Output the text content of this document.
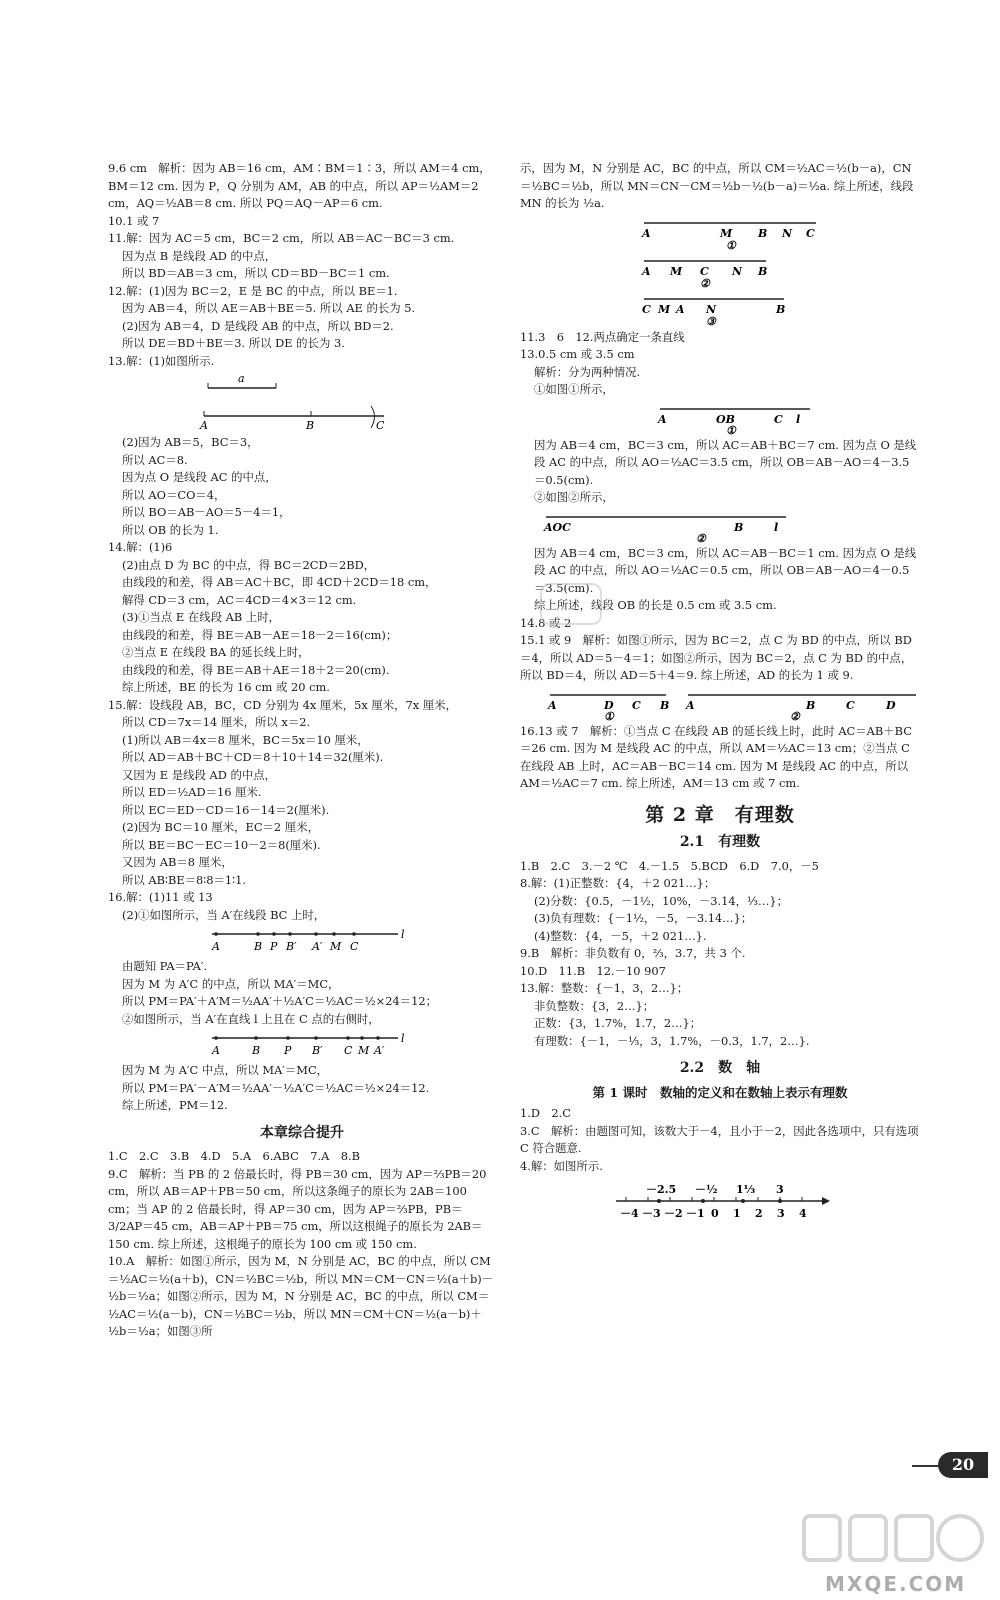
9.6 cm　解析：因为 AB＝16 cm，AM∶BM＝1∶3，所以 AM＝4 cm，BM＝12 cm. 因为 P，Q 分别为 AM，AB 的中点，所以 AP＝½AM＝2 cm，AQ＝½AB＝8 cm. 所以 PQ＝AQ－AP＝6 cm.

10.1 或 7

11.解：因为 AC＝5 cm，BC＝2 cm，所以 AB＝AC－BC＝3 cm.

因为点 B 是线段 AD 的中点，

所以 BD＝AB＝3 cm，所以 CD＝BD－BC＝1 cm.

12.解：(1)因为 BC＝2，E 是 BC 的中点，所以 BE＝1.

因为 AB＝4，所以 AE＝AB＋BE＝5. 所以 AE 的长为 5.

(2)因为 AB＝4，D 是线段 AB 的中点，所以 BD＝2.

所以 DE＝BD＋BE＝3. 所以 DE 的长为 3.

13.解：(1)如图所示.

a
A	B	C

(2)因为 AB＝5，BC＝3，

所以 AC＝8.

因为点 O 是线段 AC 的中点，

所以 AO＝CO＝4，

所以 BO＝AB－AO＝5－4＝1，

所以 OB 的长为 1.

14.解：(1)6

(2)由点 D 为 BC 的中点，得 BC＝2CD＝2BD，

由线段的和差，得 AB＝AC＋BC，即 4CD＋2CD＝18 cm，

解得 CD＝3 cm，AC＝4CD＝4×3＝12 cm.

(3)①当点 E 在线段 AB 上时，

由线段的和差，得 BE＝AB－AE＝18－2＝16(cm)；

②当点 E 在线段 BA 的延长线上时，

由线段的和差，得 BE＝AB＋AE＝18＋2＝20(cm).

综上所述，BE 的长为 16 cm 或 20 cm.

15.解：设线段 AB，BC，CD 分别为 4x 厘米，5x 厘米，7x 厘米，

所以 CD＝7x＝14 厘米，所以 x＝2.

(1)所以 AB＝4x＝8 厘米，BC＝5x＝10 厘米，

所以 AD＝AB＋BC＋CD＝8＋10＋14＝32(厘米).

又因为 E 是线段 AD 的中点，

所以 ED＝½AD＝16 厘米.

所以 EC＝ED－CD＝16－14＝2(厘米).

(2)因为 BC＝10 厘米，EC＝2 厘米，

所以 BE＝BC－EC＝10－2＝8(厘米).

又因为 AB＝8 厘米，

所以 AB∶BE＝8∶8＝1∶1.

16.解：(1)11 或 13

(2)①如图所示，当 A′在线段 BC 上时，

A	B P B′ A′ M C
l

由题知 PA＝PA′.

因为 M 为 A′C 的中点，所以 MA′＝MC，

所以 PM＝PA′＋A′M＝½AA′＋½A′C＝½AC＝½×24＝12；

②如图所示，当 A′在直线 l 上且在 C 点的右侧时，

A	B P B′ C M A′
l

因为 M 为 A′C 中点，所以 MA′＝MC，

所以 PM＝PA′－A′M＝½AA′－½A′C＝½AC＝½×24＝12.

综上所述，PM＝12.

本章综合提升

1.C　2.C　3.B　4.D　5.A　6.ABC　7.A　8.B

9.C　解析：当 PB 的 2 倍最长时，得 PB＝30 cm，因为 AP＝⅔PB＝20 cm，所以 AB＝AP＋PB＝50 cm，所以这条绳子的原长为 2AB＝100 cm；当 AP 的 2 倍最长时，得 AP＝30 cm，因为 AP＝⅔PB，PB＝3/2AP＝45 cm，AB＝AP＋PB＝75 cm，所以这根绳子的原长为 2AB＝150 cm. 综上所述，这根绳子的原长为 100 cm 或 150 cm.

10.A　解析：如图①所示，因为 M，N 分别是 AC，BC 的中点，所以 CM＝½AC＝½(a＋b)，CN＝½BC＝½b，所以 MN＝CM－CN＝½(a＋b)－½b＝½a；如图②所示，因为 M，N 分别是 AC，BC 的中点，所以 CM＝½AC＝½(a－b)，CN＝½BC＝½b，所以 MN＝CM＋CN＝½(a－b)＋½b＝½a；如图③所

示，因为 M，N 分别是 AC，BC 的中点，所以 CM＝½AC＝½(b－a)，CN＝½BC＝½b，所以 MN＝CN－CM＝½b－½(b－a)＝½a. 综上所述，线段 MN 的长为 ½a.

A	M B N C
①
A M C N B
②
C M A N	B
③

11.3　6　12.两点确定一条直线

13.0.5 cm 或 3.5 cm

解析：分为两种情况.

①如图①所示，

A	OB	C l
①

因为 AB＝4 cm，BC＝3 cm，所以 AC＝AB＋BC＝7 cm. 因为点 O 是线段 AC 的中点，所以 AO＝½AC＝3.5 cm，所以 OB＝AB－AO＝4－3.5＝0.5(cm).

②如图②所示，

AOC	B	l
②

因为 AB＝4 cm，BC＝3 cm，所以 AC＝AB－BC＝1 cm. 因为点 O 是线段 AC 的中点，所以 AO＝½AC＝0.5 cm，所以 OB＝AB－AO＝4－0.5＝3.5(cm).

综上所述，线段 OB 的长是 0.5 cm 或 3.5 cm.

14.8 或 2

15.1 或 9　解析：如图①所示，因为 BC＝2，点 C 为 BD 的中点，所以 BD＝4，所以 AD＝5－4＝1；如图②所示，因为 BC＝2，点 C 为 BD 的中点，所以 BD＝4，所以 AD＝5＋4＝9. 综上所述，AD 的长为 1 或 9.

A	D C B
①
A	B	C	D
②

16.13 或 7　解析：①当点 C 在线段 AB 的延长线上时，此时 AC＝AB＋BC＝26 cm. 因为 M 是线段 AC 的中点，所以 AM＝½AC＝13 cm；②当点 C 在线段 AB 上时，AC＝AB－BC＝14 cm. 因为 M 是线段 AC 的中点，所以 AM＝½AC＝7 cm. 综上所述，AM＝13 cm 或 7 cm.

第 2 章　有理数
2.1　有理数

1.B　2.C　3.－2 ℃　4.－1.5　5.BCD　6.D　7.0，－5

8.解：(1)正整数：{4，＋2 021…}；

(2)分数：{0.5，－1½，10%，－3.14，⅓…}；

(3)负有理数：{－1½，－5，－3.14…}；

(4)整数：{4，－5，＋2 021…}.

9.B　解析：非负数有 0，⅔，3.7，共 3 个.

10.D　11.B　12.－10 907

13.解：整数：{－1，3，2…}；

非负整数：{3，2…}；

正数：{3，1.7%，1.7，2…}；

有理数：{－1，－⅓，3，1.7%，－0.3，1.7，2…}.

2.2　数　轴
第 1 课时　数轴的定义和在数轴上表示有理数

1.D　2.C

3.C　解析：由题图可知，该数大于－4，且小于－2，因此各选项中，只有选项 C 符合题意.

4.解：如图所示.

－2.5 －½ 1⅓ 3
－4 －3 －2 －1 0 1 2 3 4
20
MXQE.COM
